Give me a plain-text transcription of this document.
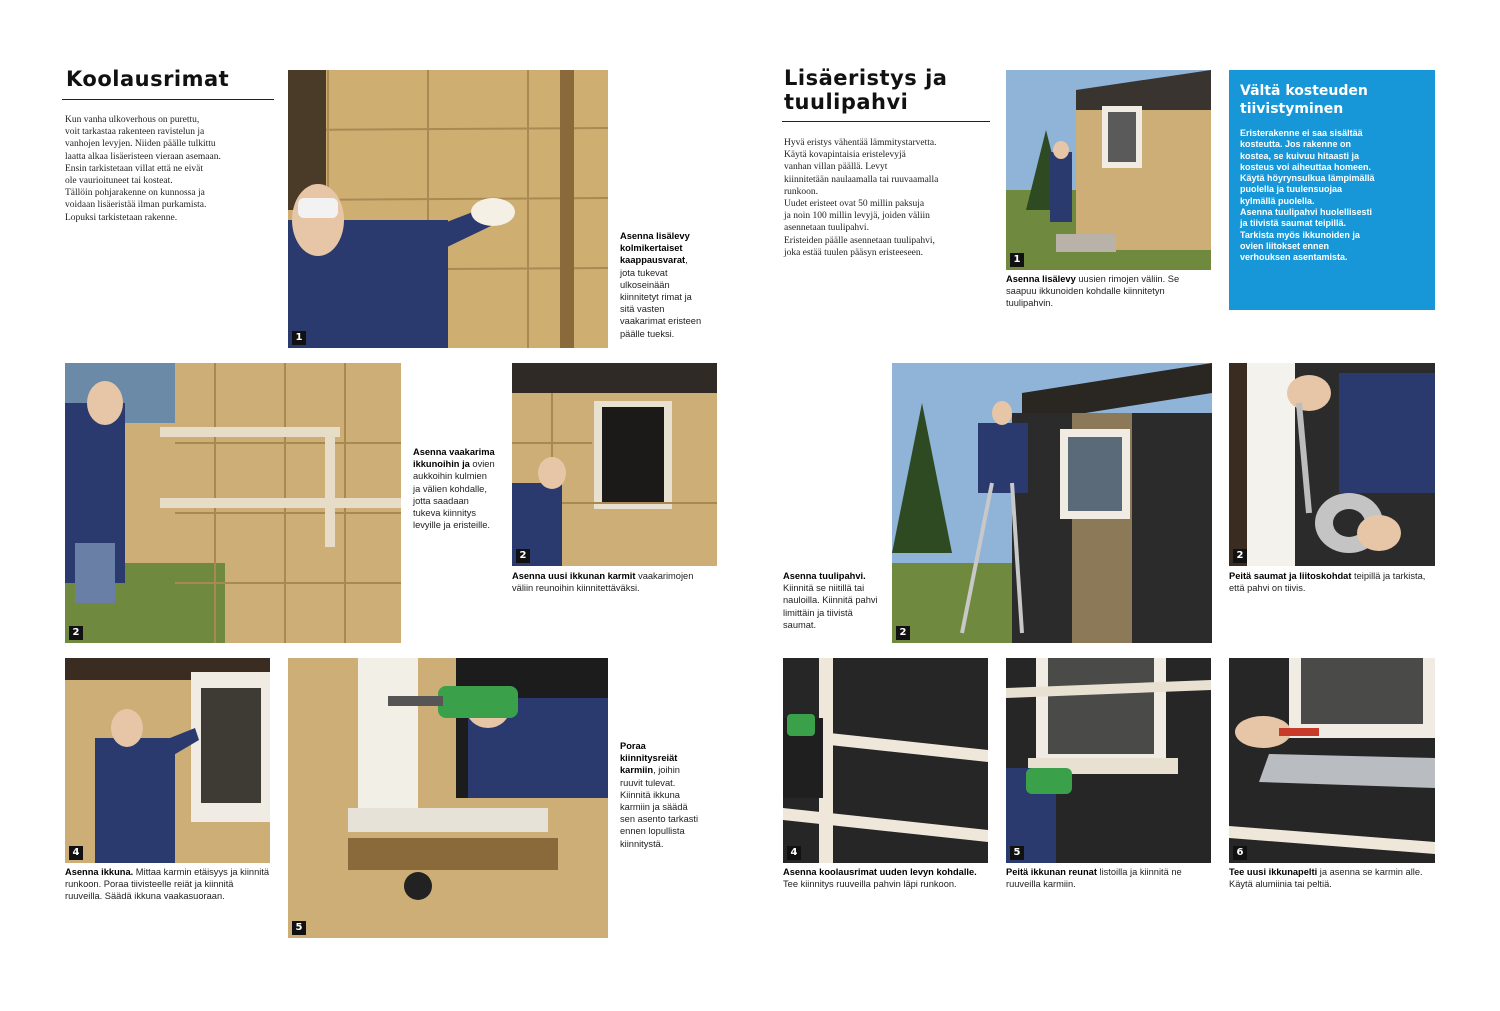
Koolausrimat

Kun vanha ulkoverhous on purettu,
voit tarkastaa rakenteen ravistelun ja
vanhojen levyjen. Niiden päälle tulkittu
laatta alkaa lisäeristeen vieraan asemaan.
Ensin tarkistetaan villat että ne eivät
ole vaurioituneet tai kosteat.
Tällöin pohjarakenne on kunnossa ja
voidaan lisäeristää ilman purkamista.
Lopuksi tarkistetaan rakenne.

1

Asenna lisälevy kolmikertaiset kaappausvarat, jota tukevat ulkoseinään kiinnitetyt rimat ja sitä vasten vaakarimat eristeen päälle tueksi.

2

Asenna vaakarima ikkunoihin ja ovien aukkoihin kulmien ja välien kohdalle, jotta saadaan tukeva kiinnitys levyille ja eristeille.

2

Asenna uusi ikkunan karmit vaakarimojen väliin reunoihin kiinnitettäväksi.

4

Asenna ikkuna. Mittaa karmin etäisyys ja kiinnitä runkoon. Poraa tiivisteelle reiät ja kiinnitä ruuveilla. Säädä ikkuna vaakasuoraan.

5

Poraa kiinnitysreiät karmiin, joihin ruuvit tulevat. Kiinnitä ikkuna karmiin ja säädä sen asento tarkasti ennen lopullista kiinnitystä.

Lisäeristys ja tuulipahvi

Hyvä eristys vähentää lämmitystarvetta.
Käytä kovapintaisia eristelevyjä
vanhan villan päällä. Levyt
kiinnitetään naulaamalla tai ruuvaamalla
runkoon.
Uudet eristeet ovat 50 millin paksuja
ja noin 100 millin levyjä, joiden väliin
asennetaan tuulipahvi.
Eristeiden päälle asennetaan tuulipahvi,
joka estää tuulen pääsyn eristeeseen.

1

Asenna lisälevy uusien rimojen väliin. Se saapuu ikkunoiden kohdalle kiinnitetyn tuulipahvin.

Vältä kosteuden tiivistyminen

Eristerakenne ei saa sisältää
kosteutta. Jos rakenne on
kostea, se kuivuu hitaasti ja
kosteus voi aiheuttaa homeen.
Käytä höyrynsulkua lämpimällä
puolella ja tuulensuojaa
kylmällä puolella.
Asenna tuulipahvi huolellisesti
ja tiivistä saumat teipillä.
Tarkista myös ikkunoiden ja
ovien liitokset ennen
verhouksen asentamista.

2

Asenna tuulipahvi. Kiinnitä se niitillä tai nauloilla. Kiinnitä pahvi limittäin ja tiivistä saumat.

2

Peitä saumat ja liitoskohdat teipillä ja tarkista, että pahvi on tiivis.

4

Asenna koolausrimat uuden levyn kohdalle. Tee kiinnitys ruuveilla pahvin läpi runkoon.

5

Peitä ikkunan reunat listoilla ja kiinnitä ne ruuveilla karmiin.

6

Tee uusi ikkunapelti ja asenna se karmin alle. Käytä alumiinia tai peltiä.
